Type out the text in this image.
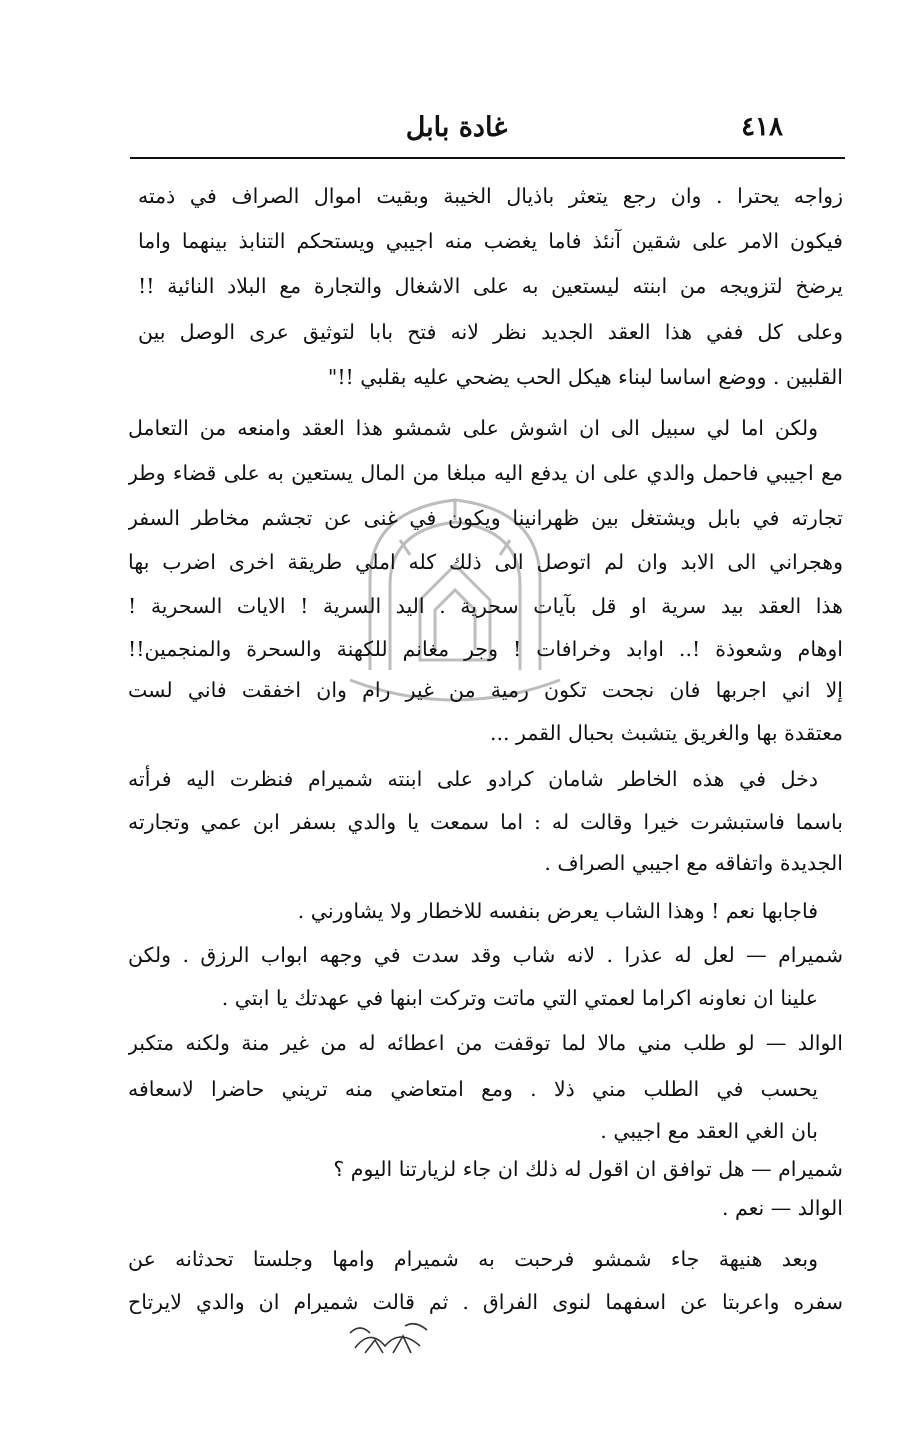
٤١٨
غادة بابل
زواجه يحترا . وان رجع يتعثر باذيال الخيبة وبقيت اموال الصراف في ذمته
فيكون الامر على شقين آنئذ فاما يغضب منه اجيبي ويستحكم التنابذ بينهما واما
يرضخ لتزويجه من ابنته ليستعين به على الاشغال والتجارة مع البلاد النائية !!
وعلى كل ففي هذا العقد الجديد نظر لانه فتح بابا لتوثيق عرى الوصل بين
القلبين . ووضع اساسا لبناء هيكل الحب يضحي عليه بقلبي !!"
ولكن اما لي سبيل الى ان اشوش على شمشو هذا العقد وامنعه من التعامل
مع اجيبي فاحمل والدي على ان يدفع اليه مبلغا من المال يستعين به على قضاء وطر
تجارته في بابل ويشتغل بين ظهرانينا ويكون في غنى عن تجشم مخاطر السفر
وهجراني الى الابد وان لم اتوصل الى ذلك كله املي طريقة اخرى اضرب بها
هذا العقد بيد سرية او قل بآيات سحرية . اليد السرية ! الايات السحرية !
اوهام وشعوذة !.. اوابد وخرافات ! وجر مغانم للكهنة والسحرة والمنجمين!!
إلا اني اجربها فان نجحت تكون رمية من غير رام وان اخفقت فاني لست
معتقدة بها والغريق يتشبث بحبال القمر ...
دخل في هذه الخاطر شامان كرادو على ابنته شميرام فنظرت اليه فرأته
باسما فاستبشرت خيرا وقالت له : اما سمعت يا والدي بسفر ابن عمي وتجارته
الجديدة واتفاقه مع اجيبي الصراف .
فاجابها نعم ! وهذا الشاب يعرض بنفسه للاخطار ولا يشاورني .
شميرام — لعل له عذرا . لانه شاب وقد سدت في وجهه ابواب الرزق . ولكن
علينا ان نعاونه اكراما لعمتي التي ماتت وتركت ابنها في عهدتك يا ابتي .
الوالد — لو طلب مني مالا لما توقفت من اعطائه له من غير منة ولكنه متكبر
يحسب في الطلب مني ذلا . ومع امتعاضي منه تريني حاضرا لاسعافه
بان الغي العقد مع اجيبي .
شميرام — هل توافق ان اقول له ذلك ان جاء لزيارتنا اليوم ؟
الوالد — نعم .
وبعد هنيهة جاء شمشو فرحبت به شميرام وامها وجلستا تحدثانه عن
سفره واعربتا عن اسفهما لنوى الفراق . ثم قالت شميرام ان والدي لايرتاح
